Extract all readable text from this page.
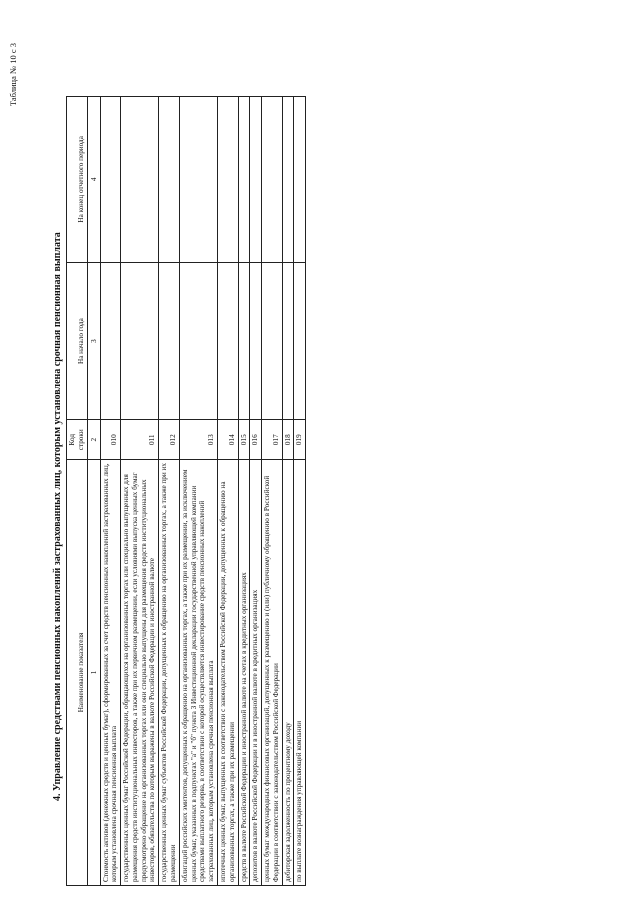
Таблица № 10 с 3
4. Управление средствами пенсионных накоплений застрахованных лиц, которым установлена срочная пенсионная выплата Наименование показателя	Код строки	На начало года	На конец отчетного периода
1	2	3	4
Стоимость активов (денежных средств и ценных бумаг), сформированных за счет средств пенсионных накоплений застрахованных лиц, которым установлена срочная пенсионная выплата	010		
государственных ценных бумаг Российской Федерации, обращающихся на организованных торгах или специально выпущенных для размещения средств институциональных инвесторов, а также при их первичном размещении, если условиями выпуска ценных бумаг предусмотрено обращение на организованных торгах или они специально выпущены для размещения средств институциональных инвесторов, обязательства по которым выражены в валюте Российской Федерации и иностранной валюте	011		
государственных ценных бумаг субъектов Российской Федерации, допущенных к обращению на организованных торгах, а также при их размещении	012		
облигаций российских эмитентов, допущенных к обращению на организованных торгах, а также при их размещении, за исключением ценных бумаг, указанных в подпунктах "а" и "б" пункта 3 Инвестиционной декларации государственной управляющей компании средствами выплатного резерва, в соответствии с которой осуществляется инвестирование средств пенсионных накоплений застрахованных лиц, которым установлена срочная пенсионная выплата	013		
ипотечных ценных бумаг, выпущенных в соответствии с законодательством Российской Федерации, допущенных к обращению на организованных торгах, а также при их размещении	014		
средств в валюте Российской Федерации и иностранной валюте на счетах в кредитных организациях	015		
депозитов в валюте Российской Федерации и в иностранной валюте в кредитных организациях	016		
ценных бумаг международных финансовых организаций, допущенных к размещению и (или) публичному обращению в Российской Федерации в соответствии с законодательством Российской Федерации	017		
дебиторская задолженность по процентному доходу	018		
по выплате вознаграждения управляющей компании	019		
